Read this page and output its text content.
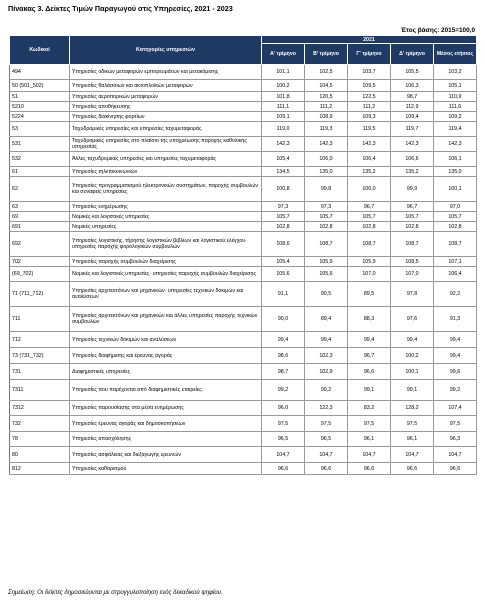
Πίνακας 3. Δείκτες Τιμών Παραγωγού στις Υπηρεσίες, 2021 - 2023
Έτος βάσης: 2015=100,0
Κωδικοί	Κατηγορίες υπηρεσιών	2021				
		Α' τρίμηνο	Β' τρίμηνο	Γ' τρίμηνο	Δ' τρίμηνο	Μέσος ετήσιος
494	Υπηρεσίες οδικών μεταφορών εμπορευμάτων και μετακόμισης	101,1	102,5	103,7	105,5	103,2
50 (501_502)	Υπηρεσίες θαλάσσιων και ακτοπλοϊκών μεταφορών	100,2	104,5	109,5	106,3	105,1
51	Υπηρεσίες αεροπορικών μεταφορών	101,8	120,5	122,5	98,7	110,9
5210	Υπηρεσίες αποθήκευσης	111,1	111,2	111,2	112,9	111,6
5224	Υπηρεσίες διακίνησης φορτίων	109,1	108,9	109,3	109,4	109,2
53	Ταχυδρομικές υπηρεσίες και υπηρεσίες ταχυμεταφοράς	119,0	119,3	119,5	119,7	119,4
531	Ταχυδρομικές υπηρεσίες στο πλαίσιο της υποχρέωσης παροχής καθολικής υπηρεσίας	142,3	142,3	142,3	142,3	142,3
532	Άλλες ταχυδρομικές υπηρεσίες και υπηρεσίες ταχυμεταφοράς	105,4	106,0	106,4	106,6	106,1
61	Υπηρεσίες τηλεπικοινωνιών	134,5	135,0	135,2	135,2	135,0
62	Υπηρεσίες προγραμματισμού ηλεκτρονικών συστημάτων, παροχής συμβουλών και συναφείς υπηρεσίες	100,8	99,8	100,0	99,9	100,1
63	Υπηρεσίες ενημέρωσης	97,3	97,3	96,7	96,7	97,0
69	Νομικές και λογιστικές υπηρεσίες	105,7	105,7	105,7	105,7	105,7
691	Νομικές υπηρεσίες	102,8	102,8	102,8	102,8	102,8
692	Υπηρεσίες λογιστικής, τήρησης λογιστικών βιβλίων και λογιστικού ελέγχου· υπηρεσίες παροχής φορολογικών συμβουλών	108,6	108,7	108,7	108,7	108,7
702	Υπηρεσίες παροχής συμβουλών διαχείρισης	105,4	105,9	105,9	108,5	107,1
(69_702)	Νομικές και λογιστικές υπηρεσίες· υπηρεσίες παροχής συμβουλών διαχείρισης	105,6	105,6	107,0	107,0	106,4
71 (711_712)	Υπηρεσίες αρχιτεκτόνων και μηχανικών· υπηρεσίες τεχνικών δοκιμών και αναλύσεων	91,1	90,5	89,5	97,8	92,2
711	Υπηρεσίες αρχιτεκτόνων και μηχανικών και άλλες υπηρεσίες παροχής τεχνικών συμβουλών	90,0	89,4	88,3	97,6	91,3
712	Υπηρεσίες τεχνικών δοκιμών και αναλύσεων	99,4	99,4	99,4	99,4	99,4
73 (731_732)	Υπηρεσίες διαφήμισης και έρευνας αγοράς	98,6	102,3	96,7	100,2	99,4
731	Διαφημιστικές υπηρεσίες	98,7	102,9	96,6	100,1	99,6
7311	Υπηρεσίες που παρέχονται από διαφημιστικές εταιρείες	99,2	99,2	99,1	99,1	99,2
7312	Υπηρεσίες παρουσίασης στα μέσα ενημέρωσης	96,0	122,3	83,2	128,2	107,4
732	Υπηρεσίες έρευνας αγοράς και δημοσκοπήσεων	97,5	97,5	97,5	97,5	97,5
78	Υπηρεσίες απασχόλησης	96,5	96,5	96,1	96,1	96,3
80	Υπηρεσίες ασφάλειας και διεξαγωγής ερευνών	104,7	104,7	104,7	104,7	104,7
812	Υπηρεσίες καθαρισμού	96,6	96,6	96,6	96,6	96,6
Σημείωση: Οι δείκτες δημοσιεύονται με στρογγυλοποίηση ενός δεκαδικού ψηφίου.
